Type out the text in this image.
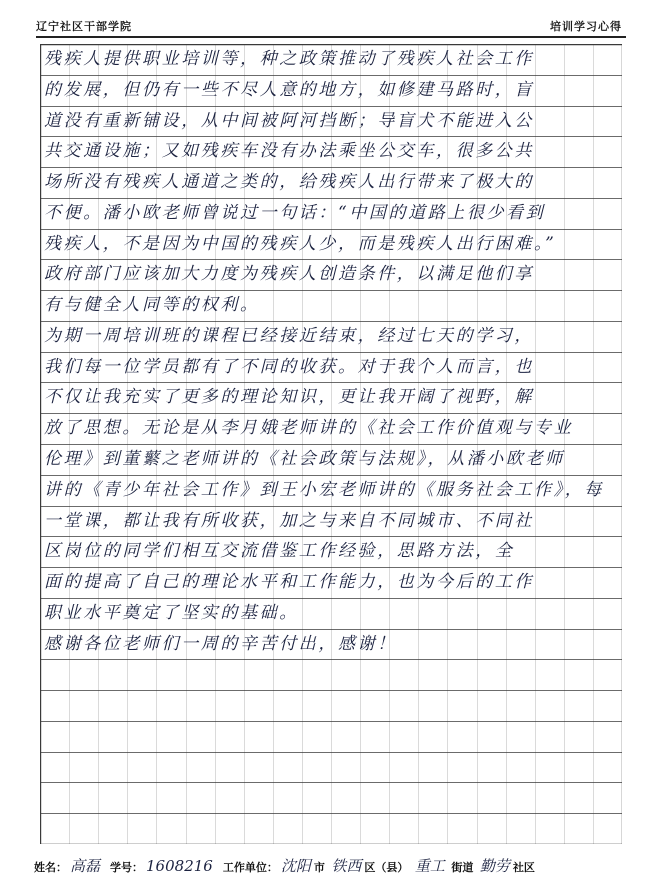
辽宁社区干部学院	培训学习心得
残疾人提供职业培训等，种之政策推动了残疾人社会工作
的发展，但仍有一些不尽人意的地方，如修建马路时，盲
道没有重新铺设，从中间被阿河挡断；导盲犬不能进入公
共交通设施；又如残疾车没有办法乘坐公交车，很多公共
场所没有残疾人通道之类的，给残疾人出行带来了极大的
不便。潘小欧老师曾说过一句话：“中国的道路上很少看到
残疾人，不是因为中国的残疾人少，而是残疾人出行困难。”
政府部门应该加大力度为残疾人创造条件，以满足他们享
有与健全人同等的权利。
为期一周培训班的课程已经接近结束，经过七天的学习，
我们每一位学员都有了不同的收获。对于我个人而言，也
不仅让我充实了更多的理论知识，更让我开阔了视野，解
放了思想。无论是从李月娥老师讲的《社会工作价值观与专业
伦理》到董蘩之老师讲的《社会政策与法规》，从潘小欧老师
讲的《青少年社会工作》到王小宏老师讲的《服务社会工作》，每
一堂课，都让我有所收获，加之与来自不同城市、不同社
区岗位的同学们相互交流借鉴工作经验，思路方法，全
面的提高了自己的理论水平和工作能力，也为今后的工作
职业水平奠定了坚实的基础。
感谢各位老师们一周的辛苦付出，感谢！
姓名： 高磊 学号： 1608216 工作单位： 沈阳 市 铁西 区（县） 重工 街道 勤劳 社区
